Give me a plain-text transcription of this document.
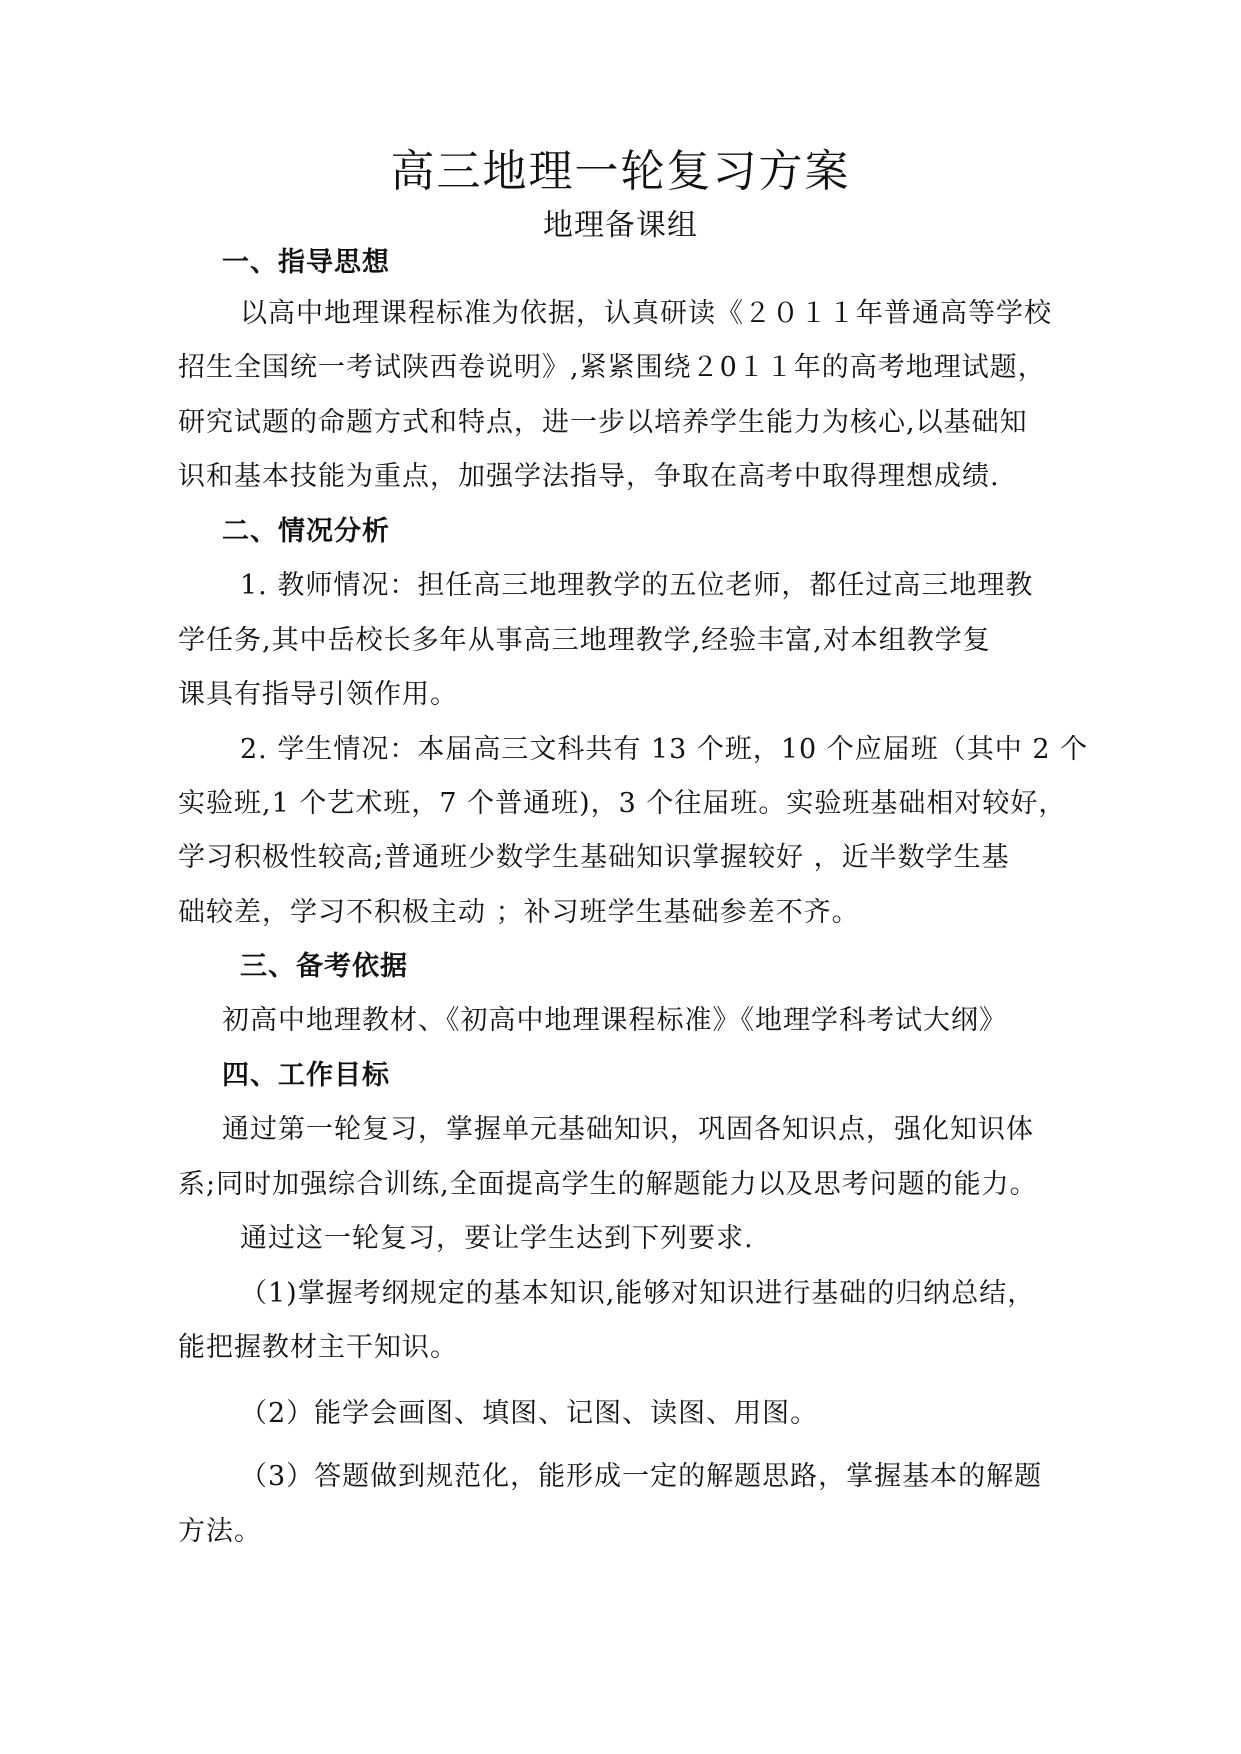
高三地理一轮复习方案
地理备课组
一、指导思想
以高中地理课程标准为依据，认真研读《２０１１年普通高等学校
招生全国统一考试陕西卷说明》,紧紧围绕２0１１年的高考地理试题，
研究试题的命题方式和特点，进一步以培养学生能力为核心,以基础知
识和基本技能为重点，加强学法指导，争取在高考中取得理想成绩.
二、情况分析
1. 教师情况：担任高三地理教学的五位老师，都任过高三地理教
学任务,其中岳校长多年从事高三地理教学,经验丰富,对本组教学复
课具有指导引领作用。
2. 学生情况：本届高三文科共有 13 个班，10 个应届班（其中 2 个
实验班,1 个艺术班，7 个普通班)，3 个往届班。实验班基础相对较好，
学习积极性较高;普通班少数学生基础知识掌握较好 ，近半数学生基
础较差，学习不积极主动 ；补习班学生基础参差不齐。
三、备考依据
初高中地理教材、《初高中地理课程标准》《地理学科考试大纲》
四、工作目标
通过第一轮复习，掌握单元基础知识，巩固各知识点，强化知识体
系;同时加强综合训练,全面提高学生的解题能力以及思考问题的能力。
通过这一轮复习，要让学生达到下列要求.
（1)掌握考纲规定的基本知识,能够对知识进行基础的归纳总结，
能把握教材主干知识。
（2）能学会画图、填图、记图、读图、用图。
（3）答题做到规范化，能形成一定的解题思路，掌握基本的解题
方法。
